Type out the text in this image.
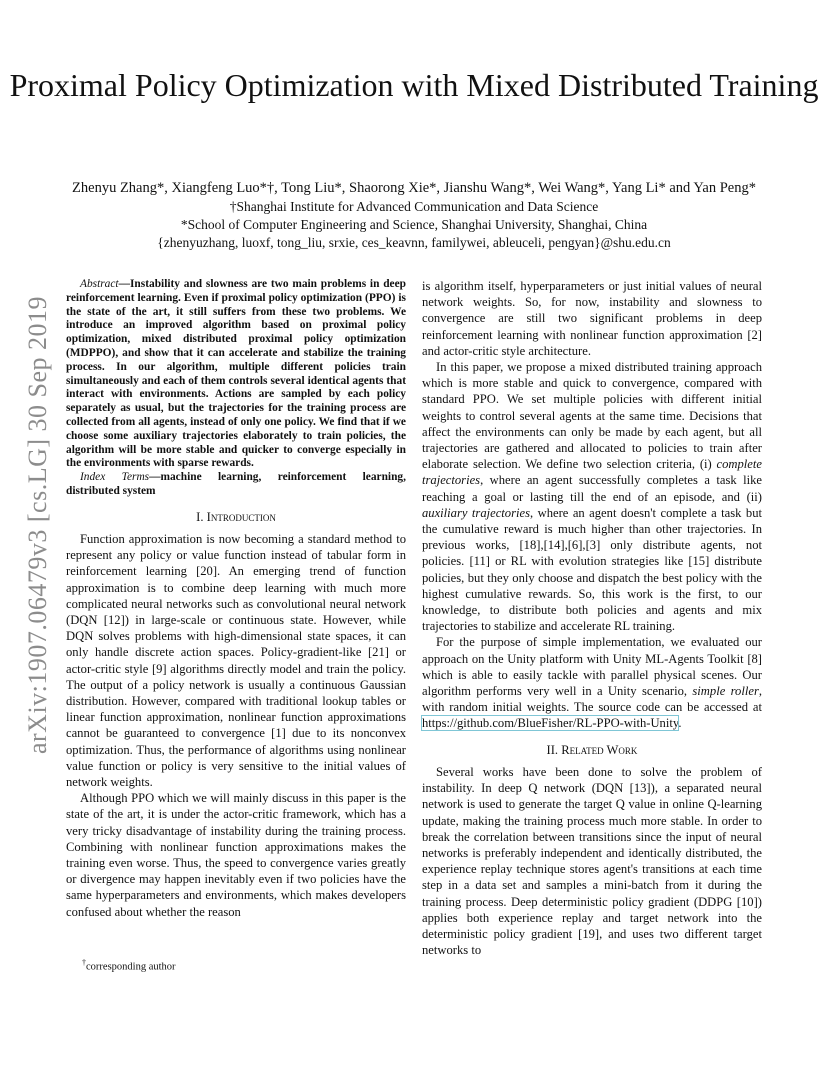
arXiv:1907.06479v3 [cs.LG] 30 Sep 2019
Proximal Policy Optimization with Mixed Distributed Training
Zhenyu Zhang*, Xiangfeng Luo*†, Tong Liu*, Shaorong Xie*, Jianshu Wang*, Wei Wang*, Yang Li* and Yan Peng*
†Shanghai Institute for Advanced Communication and Data Science
*School of Computer Engineering and Science, Shanghai University, Shanghai, China
{zhenyuzhang, luoxf, tong_liu, srxie, ces_keavnn, familywei, ableuceli, pengyan}@shu.edu.cn

Abstract—Instability and slowness are two main problems in deep reinforcement learning. Even if proximal policy optimization (PPO) is the state of the art, it still suffers from these two problems. We introduce an improved algorithm based on proximal policy optimization, mixed distributed proximal policy optimization (MDPPO), and show that it can accelerate and stabilize the training process. In our algorithm, multiple different policies train simultaneously and each of them controls several identical agents that interact with environments. Actions are sampled by each policy separately as usual, but the trajectories for the training process are collected from all agents, instead of only one policy. We find that if we choose some auxiliary trajectories elaborately to train policies, the algorithm will be more stable and quicker to converge especially in the environments with sparse rewards.

Index Terms—machine learning, reinforcement learning, distributed system

I. Introduction

Function approximation is now becoming a standard method to represent any policy or value function instead of tabular form in reinforcement learning [20]. An emerging trend of function approximation is to combine deep learning with much more complicated neural networks such as convolutional neural network (DQN [12]) in large-scale or continuous state. However, while DQN solves problems with high-dimensional state spaces, it can only handle discrete action spaces. Policy-gradient-like [21] or actor-critic style [9] algorithms directly model and train the policy. The output of a policy network is usually a continuous Gaussian distribution. However, compared with traditional lookup tables or linear function approximation, nonlinear function approximations cannot be guaranteed to convergence [1] due to its nonconvex optimization. Thus, the performance of algorithms using nonlinear value function or policy is very sensitive to the initial values of network weights.

Although PPO which we will mainly discuss in this paper is the state of the art, it is under the actor-critic framework, which has a very tricky disadvantage of instability during the training process. Combining with nonlinear function approximations makes the training even worse. Thus, the speed to convergence varies greatly or divergence may happen inevitably even if two policies have the same hyperparameters and environments, which makes developers confused about whether the reason

†corresponding author

is algorithm itself, hyperparameters or just initial values of neural network weights. So, for now, instability and slowness to convergence are still two significant problems in deep reinforcement learning with nonlinear function approximation [2] and actor-critic style architecture.

In this paper, we propose a mixed distributed training approach which is more stable and quick to convergence, compared with standard PPO. We set multiple policies with different initial weights to control several agents at the same time. Decisions that affect the environments can only be made by each agent, but all trajectories are gathered and allocated to policies to train after elaborate selection. We define two selection criteria, (i) complete trajectories, where an agent successfully completes a task like reaching a goal or lasting till the end of an episode, and (ii) auxiliary trajectories, where an agent doesn't complete a task but the cumulative reward is much higher than other trajectories. In previous works, [18],[14],[6],[3] only distribute agents, not policies. [11] or RL with evolution strategies like [15] distribute policies, but they only choose and dispatch the best policy with the highest cumulative rewards. So, this work is the first, to our knowledge, to distribute both policies and agents and mix trajectories to stabilize and accelerate RL training.

For the purpose of simple implementation, we evaluated our approach on the Unity platform with Unity ML-Agents Toolkit [8] which is able to easily tackle with parallel physical scenes. Our algorithm performs very well in a Unity scenario, simple roller, with random initial weights. The source code can be accessed at https://github.com/BlueFisher/RL-PPO-with-Unity.

II. Related Work

Several works have been done to solve the problem of instability. In deep Q network (DQN [13]), a separated neural network is used to generate the target Q value in online Q-learning update, making the training process much more stable. In order to break the correlation between transitions since the input of neural networks is preferably independent and identically distributed, the experience replay technique stores agent's transitions at each time step in a data set and samples a mini-batch from it during the training process. Deep deterministic policy gradient (DDPG [10]) applies both experience replay and target network into the deterministic policy gradient [19], and uses two different target networks to
